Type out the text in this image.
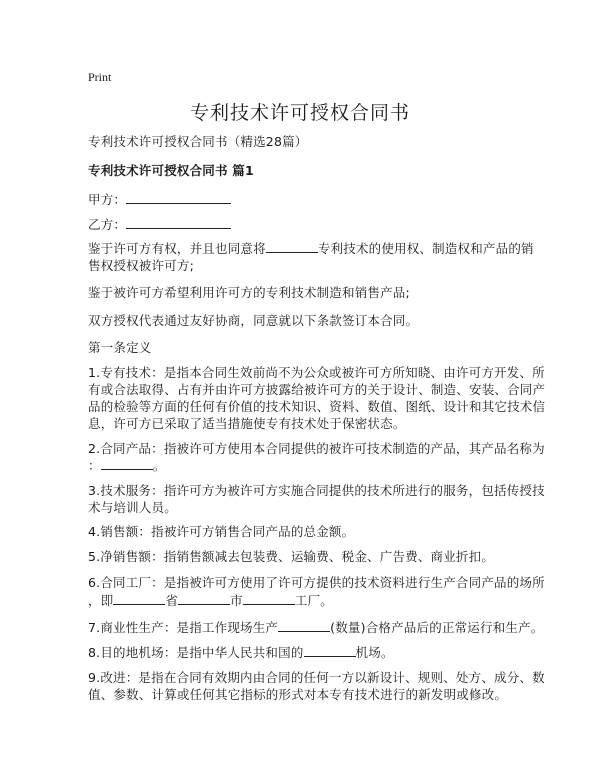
Print
专利技术许可授权合同书
专利技术许可授权合同书（精选28篇）
专利技术许可授权合同书 篇1
甲方：
乙方：
鉴于许可方有权，并且也同意将	专利技术的使用权、制造权和产品的销
售权授权被许可方;
鉴于被许可方希望利用许可方的专利技术制造和销售产品;
双方授权代表通过友好协商，同意就以下条款签订本合同。
第一条定义
1.专有技术：是指本合同生效前尚不为公众或被许可方所知晓、由许可方开发、所
有或合法取得、占有并由许可方披露给被许可方的关于设计、制造、安装、合同产
品的检验等方面的任何有价值的技术知识、资料、数值、图纸、设计和其它技术信
息，许可方已采取了适当措施使专有技术处于保密状态。
2.合同产品：指被许可方使用本合同提供的被许可技术制造的产品，其产品名称为
：	。
3.技术服务：指许可方为被许可方实施合同提供的技术所进行的服务，包括传授技
术与培训人员。
4.销售额：指被许可方销售合同产品的总金额。
5.净销售额：指销售额减去包装费、运输费、税金、广告费、商业折扣。
6.合同工厂：是指被许可方使用了许可方提供的技术资料进行生产合同产品的场所
，即	省	市	工厂。
7.商业性生产：是指工作现场生产	(数量)合格产品后的正常运行和生产。
8.目的地机场：是指中华人民共和国的	机场。
9.改进：是指在合同有效期内由合同的任何一方以新设计、规则、处方、成分、数
值、参数、计算或任何其它指标的形式对本专有技术进行的新发明或修改。
